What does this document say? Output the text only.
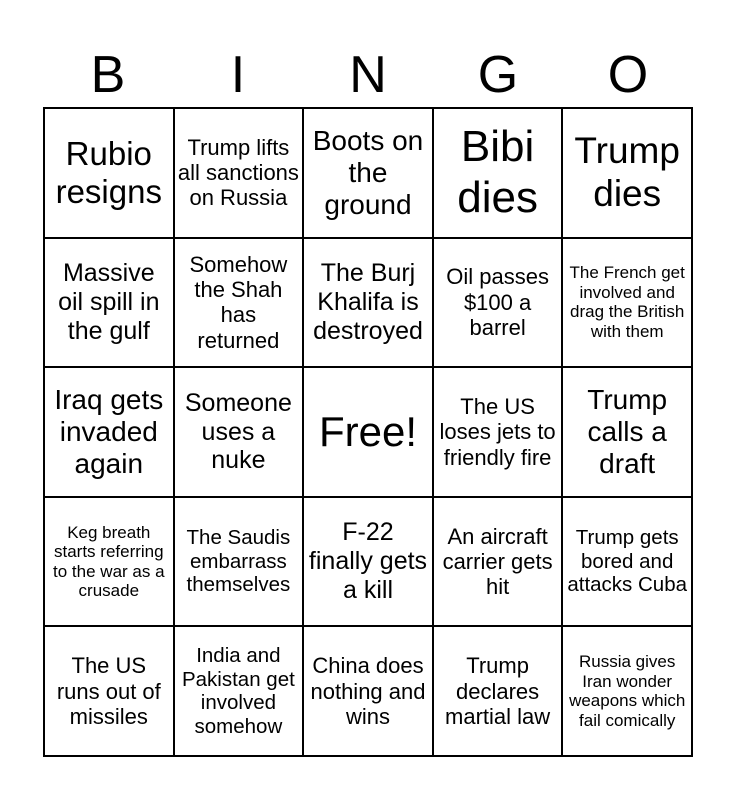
B	I	N	G	O
Rubio resigns
Trump lifts all sanctions on Russia
Boots on the ground
Bibi dies
Trump dies
Massive oil spill in the gulf
Somehow the Shah has returned
The Burj Khalifa is destroyed
Oil passes $100 a barrel
The French get involved and drag the British with them
Iraq gets invaded again
Someone uses a nuke
Free!
The US loses jets to friendly fire
Trump calls a draft
Keg breath starts referring to the war as a crusade
The Saudis embarrass themselves
F-22 finally gets a kill
An aircraft carrier gets hit
Trump gets bored and attacks Cuba
The US runs out of missiles
India and Pakistan get involved somehow
China does nothing and wins
Trump declares martial law
Russia gives Iran wonder weapons which fail comically
